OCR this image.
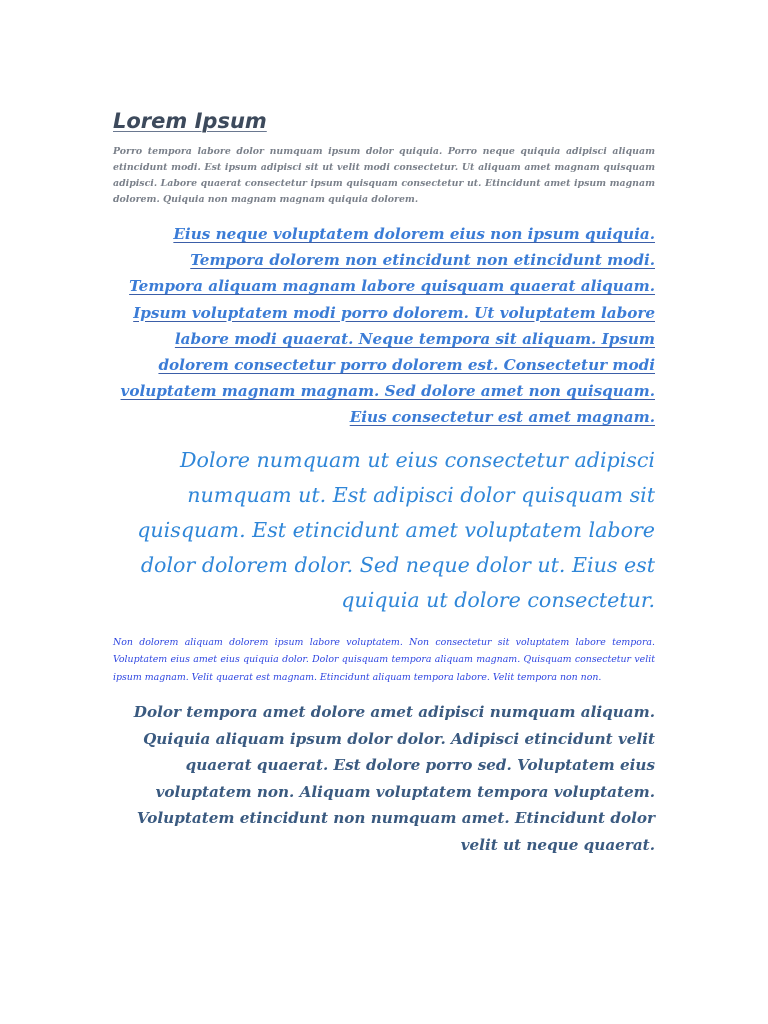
Lorem Ipsum

Porro tempora labore dolor numquam ipsum dolor quiquia. Porro neque quiquia adipisci aliquam etincidunt modi. Est ipsum adipisci sit ut velit modi consectetur. Ut aliquam amet magnam quisquam adipisci. Labore quaerat consectetur ipsum quisquam consectetur ut. Etincidunt amet ipsum magnam dolorem. Quiquia non magnam magnam quiquia dolorem.

Eius neque voluptatem dolorem eius non ipsum quiquia. Tempora dolorem non etincidunt non etincidunt modi. Tempora aliquam magnam labore quisquam quaerat aliquam. Ipsum voluptatem modi porro dolorem. Ut voluptatem labore labore modi quaerat. Neque tempora sit aliquam. Ipsum dolorem consectetur porro dolorem est. Consectetur modi voluptatem magnam magnam. Sed dolore amet non quisquam. Eius consectetur est amet magnam.

Dolore numquam ut eius consectetur adipisci numquam ut. Est adipisci dolor quisquam sit quisquam. Est etincidunt amet voluptatem labore dolor dolorem dolor. Sed neque dolor ut. Eius est quiquia ut dolore consectetur.

Non dolorem aliquam dolorem ipsum labore voluptatem. Non consectetur sit voluptatem labore tempora. Voluptatem eius amet eius quiquia dolor. Dolor quisquam tempora aliquam magnam. Quisquam consectetur velit ipsum magnam. Velit quaerat est magnam. Etincidunt aliquam tempora labore. Velit tempora non non.

Dolor tempora amet dolore amet adipisci numquam aliquam. Quiquia aliquam ipsum dolor dolor. Adipisci etincidunt velit quaerat quaerat. Est dolore porro sed. Voluptatem eius voluptatem non. Aliquam voluptatem tempora voluptatem. Voluptatem etincidunt non numquam amet. Etincidunt dolor velit ut neque quaerat.
